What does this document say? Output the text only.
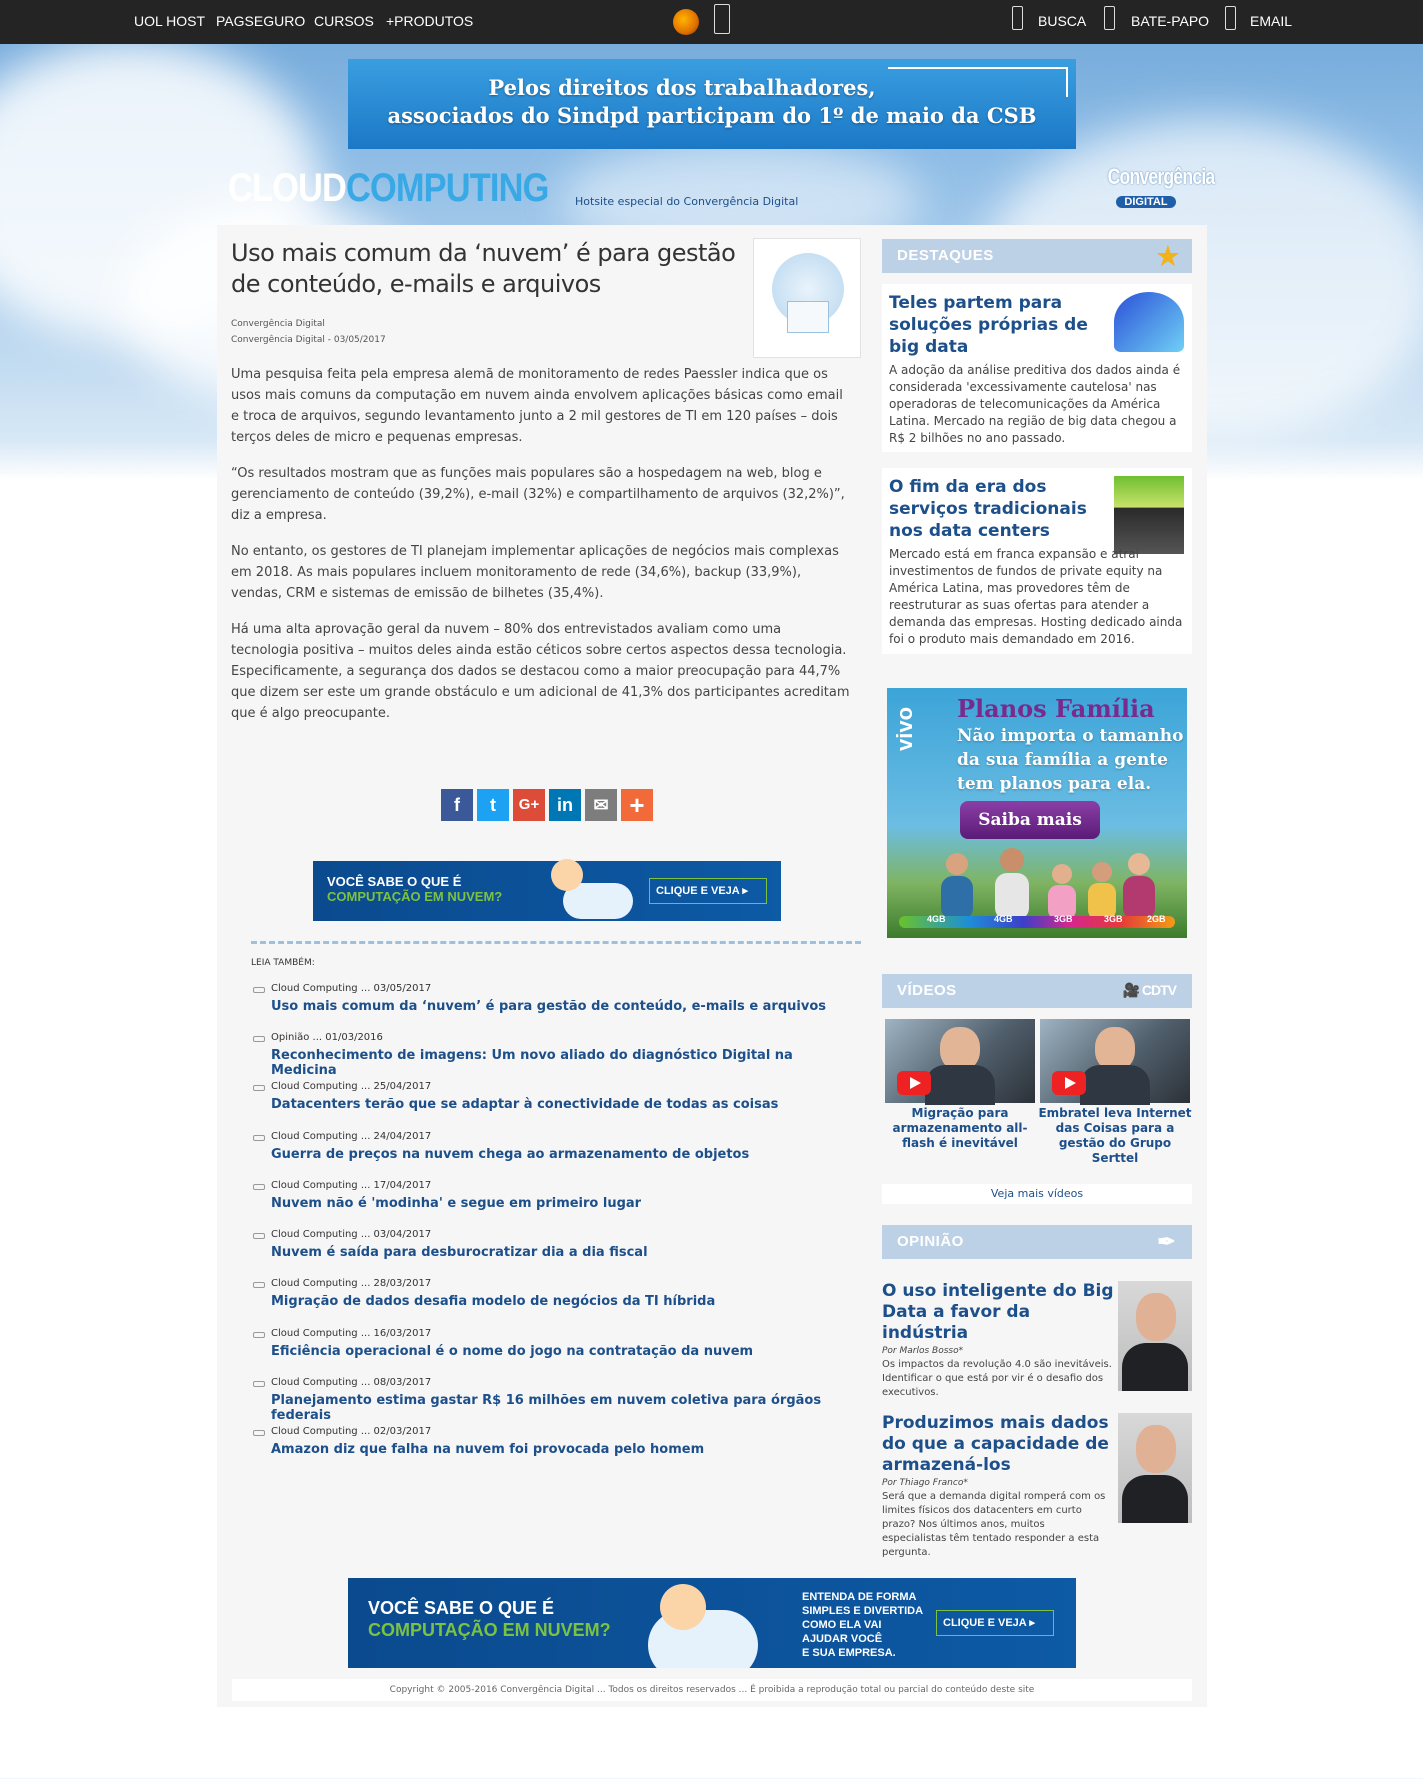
UOL HOST PAGSEGURO CURSOS +PRODUTOS	BUSCA	BATE-PAPO	EMAIL
Pelos direitos dos trabalhadores,
associados do Sindpd participam do 1º de maio da CSB
CLOUDCOMPUTING Hotsite especial do Convergência Digital
Convergência
DIGITAL
Uso mais comum da ‘nuvem’ é para gestão de conteúdo, e-mails e arquivos
Convergência Digital
Convergência Digital - 03/05/2017

Uma pesquisa feita pela empresa alemã de monitoramento de redes Paessler indica que os usos mais comuns da computação em nuvem ainda envolvem aplicações básicas como email e troca de arquivos, segundo levantamento junto a 2 mil gestores de TI em 120 países – dois terços deles de micro e pequenas empresas.

“Os resultados mostram que as funções mais populares são a hospedagem na web, blog e gerenciamento de conteúdo (39,2%), e-mail (32%) e compartilhamento de arquivos (32,2%)”, diz a empresa.

No entanto, os gestores de TI planejam implementar aplicações de negócios mais complexas em 2018. As mais populares incluem monitoramento de rede (34,6%), backup (33,9%), vendas, CRM e sistemas de emissão de bilhetes (35,4%).

Há uma alta aprovação geral da nuvem – 80% dos entrevistados avaliam como uma tecnologia positiva – muitos deles ainda estão céticos sobre certos aspectos dessa tecnologia. Especificamente, a segurança dos dados se destacou como a maior preocupação para 44,7% que dizem ser este um grande obstáculo e um adicional de 41,3% dos participantes acreditam que é algo preocupante.

f	t	G+ in	✉ +
VOCÊ SABE O QUE É
COMPUTAÇÃO EM NUVEM?	CLIQUE E VEJA ▸
LEIA TAMBÉM:
Cloud Computing ... 03/05/2017
Uso mais comum da ‘nuvem’ é para gestão de conteúdo, e-mails e arquivos
Opinião ... 01/03/2016
Reconhecimento de imagens: Um novo aliado do diagnóstico Digital na Medicina
Cloud Computing ... 25/04/2017
Datacenters terão que se adaptar à conectividade de todas as coisas
Cloud Computing ... 24/04/2017
Guerra de preços na nuvem chega ao armazenamento de objetos
Cloud Computing ... 17/04/2017
Nuvem não é 'modinha' e segue em primeiro lugar
Cloud Computing ... 03/04/2017
Nuvem é saída para desburocratizar dia a dia fiscal
Cloud Computing ... 28/03/2017
Migração de dados desafia modelo de negócios da TI híbrida
Cloud Computing ... 16/03/2017
Eficiência operacional é o nome do jogo na contratação da nuvem
Cloud Computing ... 08/03/2017
Planejamento estima gastar R$ 16 milhões em nuvem coletiva para órgãos federais
Cloud Computing ... 02/03/2017
Amazon diz que falha na nuvem foi provocada pelo homem
DESTAQUES	★
Teles partem para soluções próprias de big data
A adoção da análise preditiva dos dados ainda é considerada 'excessivamente cautelosa' nas operadoras de telecomunicações da América Latina. Mercado na região de big data chegou a R$ 2 bilhões no ano passado.
O fim da era dos serviços tradicionais nos data centers
Mercado está em franca expansão e atrai investimentos de fundos de private equity na América Latina, mas provedores têm de reestruturar as suas ofertas para atender a demanda das empresas. Hosting dedicado ainda foi o produto mais demandado em 2016.
vivo Planos Família
Não importa o tamanho
da sua família a gente
tem planos para ela.
Saiba mais
4GB	4GB	3GB	3GB	2GB
VÍDEOS	🎥 CDTV
Migração para armazenamento all-flash é inevitável
Embratel leva Internet das Coisas para a gestão do Grupo Serttel
Veja mais vídeos
OPINIÃO	✒
O uso inteligente do Big Data a favor da indústria
Por Marlos Bosso*
Os impactos da revolução 4.0 são inevitáveis. Identificar o que está por vir é o desafio dos executivos.
Produzimos mais dados do que a capacidade de armazená-los
Por Thiago Franco*
Será que a demanda digital romperá com os limites físicos dos datacenters em curto prazo? Nos últimos anos, muitos especialistas têm tentado responder a esta pergunta.
VOCÊ SABE O QUE É
COMPUTAÇÃO EM NUVEM?
ENTENDA DE FORMA
SIMPLES E DIVERTIDA
COMO ELA VAI
AJUDAR VOCÊ
E SUA EMPRESA.
CLIQUE E VEJA ▸
Copyright © 2005-2016 Convergência Digital ... Todos os direitos reservados ... É proibida a reprodução total ou parcial do conteúdo deste site
